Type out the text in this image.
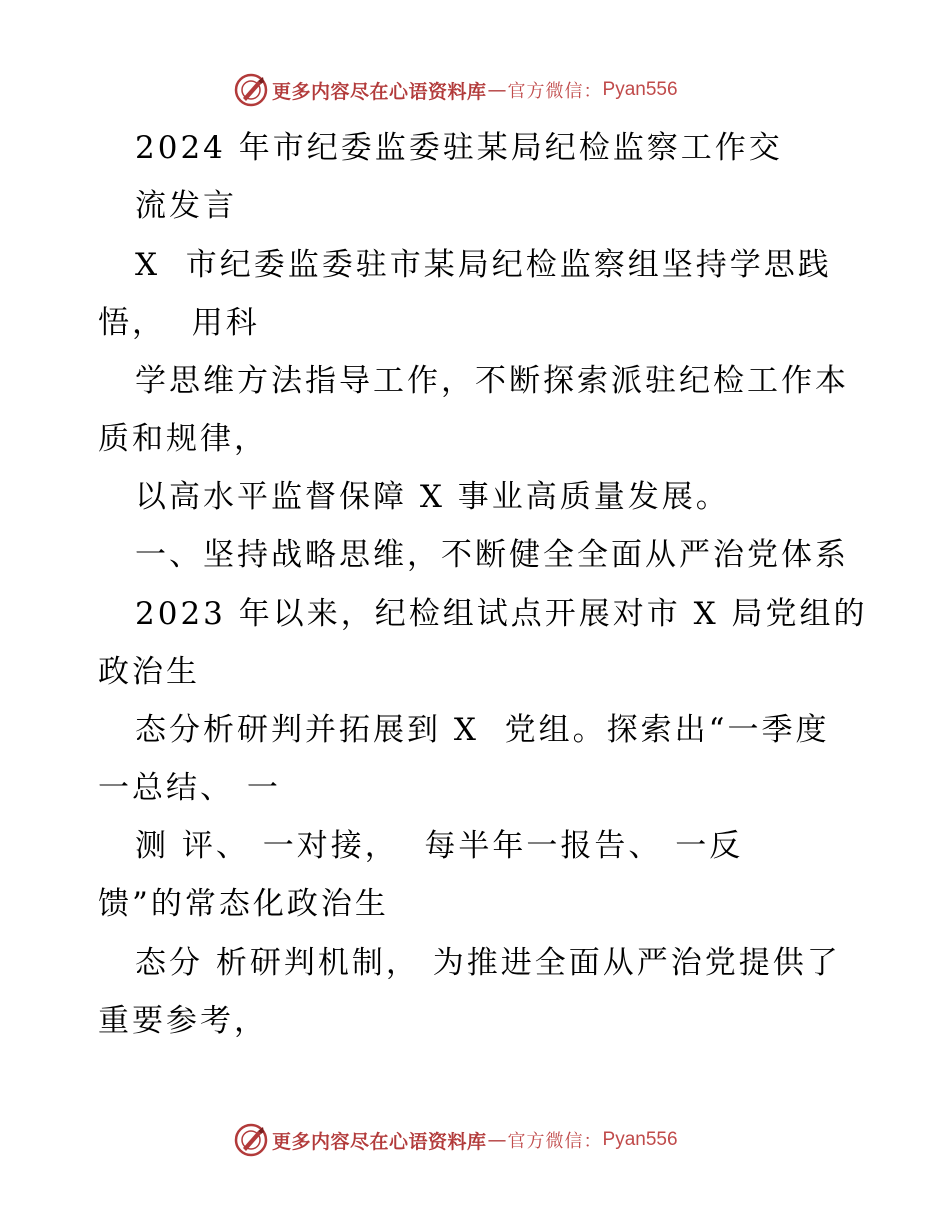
更多内容尽在心语资料库 — 官方微信： Pyan556
2024 年市纪委监委驻某局纪检监察工作交
流发言
X  市纪委监委驻市某局纪检监察组坚持学思践
悟，  用科
学思维方法指导工作，不断探索派驻纪检工作本
质和规律，
以高水平监督保障 X 事业高质量发展。
一、坚持战略思维，不断健全全面从严治党体系
2023 年以来，纪检组试点开展对市 X 局党组的
政治生
态分析研判并拓展到 X  党组。探索出“一季度
一总结、 一
测 评、 一对接，  每半年一报告、 一反
馈”的常态化政治生
态分 析研判机制， 为推进全面从严治党提供了
重要参考，
更多内容尽在心语资料库 — 官方微信： Pyan556
